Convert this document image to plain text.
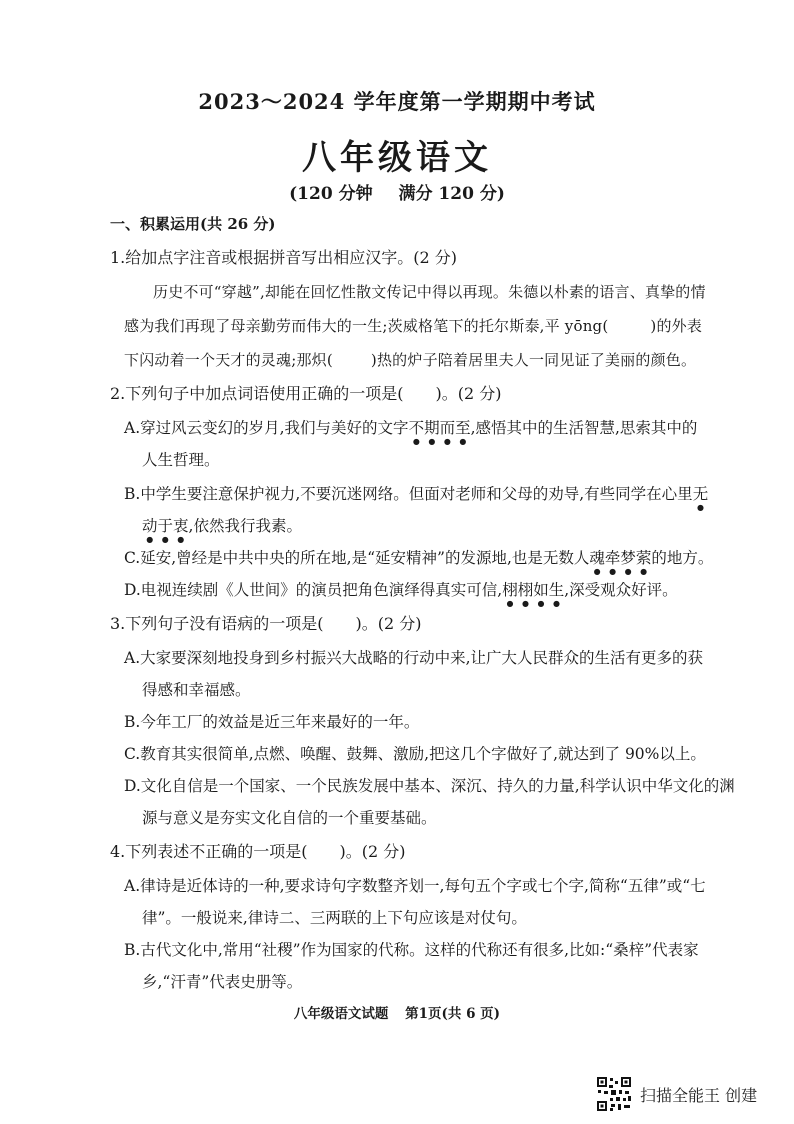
2023～2024 学年度第一学期期中考试
八年级语文
(120 分钟 满分 120 分)
一、积累运用(共 26 分)
1.给加点字注音或根据拼音写出相应汉字。(2 分)
历史不可“穿越”,却能在回忆性散文传记中得以再现。朱德以朴素的语言、真挚的情
感为我们再现了母亲勤劳而伟大的一生;茨威格笔下的托尔斯泰,平 yōng(	)的外表
下闪动着一个天才的灵魂;那炽(	)热的炉子陪着居里夫人一同见证了美丽的颜色。
2.下列句子中加点词语使用正确的一项是(　　)。(2 分)
A.穿过风云变幻的岁月,我们与美好的文字不期而至,感悟其中的生活智慧,思索其中的
人生哲理。
B.中学生要注意保护视力,不要沉迷网络。但面对老师和父母的劝导,有些同学在心里无
动于衷,依然我行我素。
C.延安,曾经是中共中央的所在地,是“延安精神”的发源地,也是无数人魂牵梦萦的地方。
D.电视连续剧《人世间》的演员把角色演绎得真实可信,栩栩如生,深受观众好评。
3.下列句子没有语病的一项是(　　)。(2 分)
A.大家要深刻地投身到乡村振兴大战略的行动中来,让广大人民群众的生活有更多的获
得感和幸福感。
B.今年工厂的效益是近三年来最好的一年。
C.教育其实很简单,点燃、唤醒、鼓舞、激励,把这几个字做好了,就达到了 90%以上。
D.文化自信是一个国家、一个民族发展中基本、深沉、持久的力量,科学认识中华文化的渊
源与意义是夯实文化自信的一个重要基础。
4.下列表述不正确的一项是(　　)。(2 分)
A.律诗是近体诗的一种,要求诗句字数整齐划一,每句五个字或七个字,简称“五律”或“七
律”。一般说来,律诗二、三两联的上下句应该是对仗句。
B.古代文化中,常用“社稷”作为国家的代称。这样的代称还有很多,比如:“桑梓”代表家
乡,“汗青”代表史册等。
八年级语文试题 第1页(共 6 页)
扫描全能王 创建
